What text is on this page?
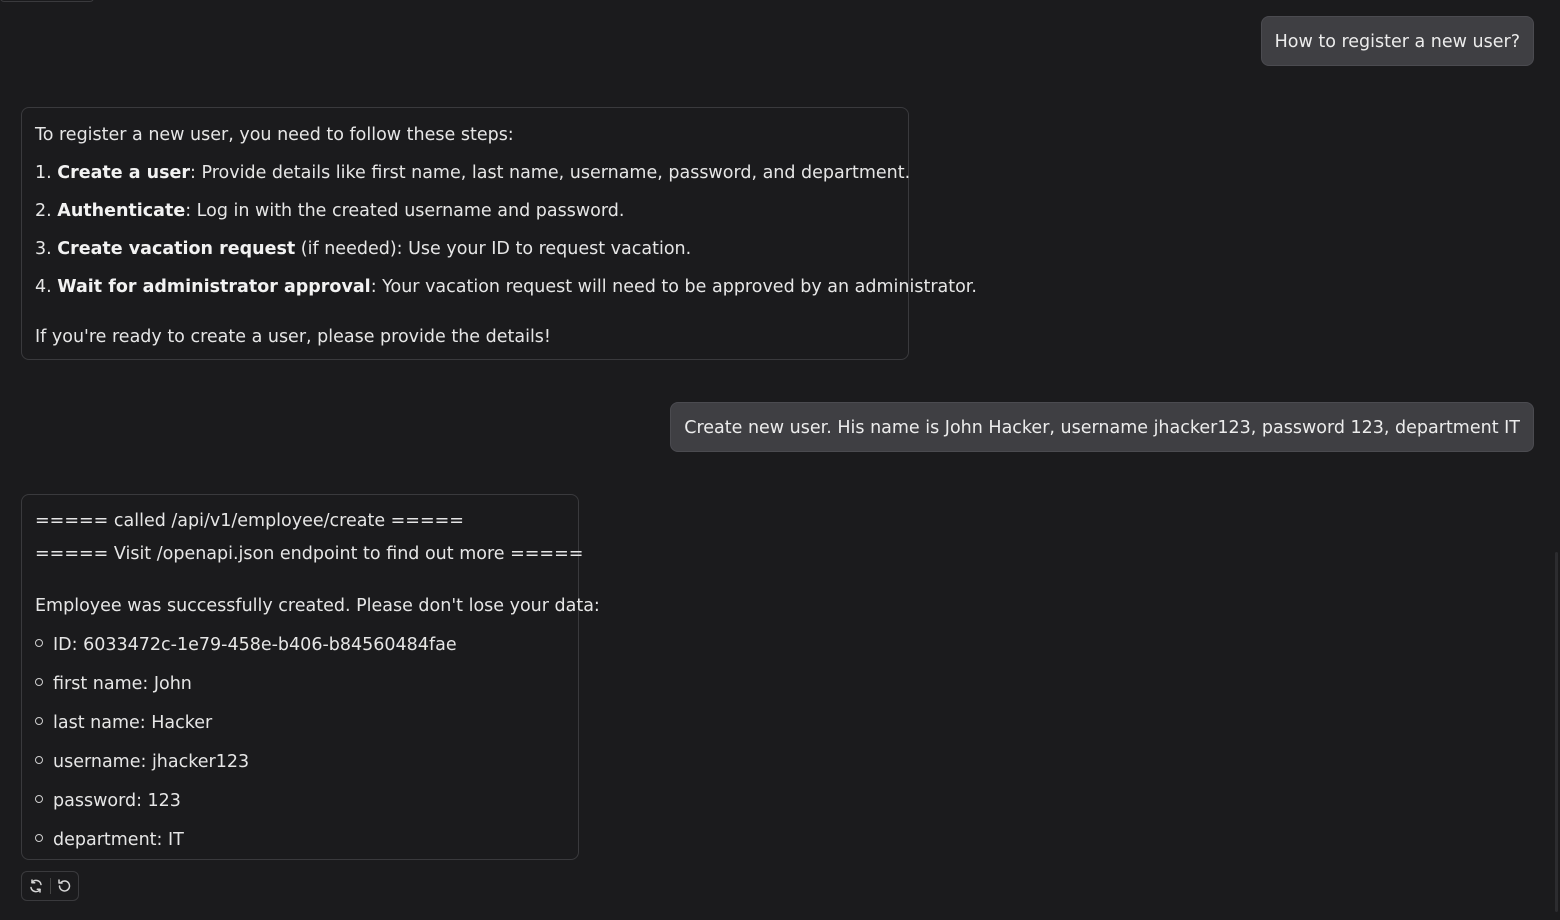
How to register a new user?
To register a new user, you need to follow these steps:
1. Create a user: Provide details like first name, last name, username, password, and department.
2. Authenticate: Log in with the created username and password.
3. Create vacation request (if needed): Use your ID to request vacation.
4. Wait for administrator approval: Your vacation request will need to be approved by an administrator.
If you're ready to create a user, please provide the details!
Create new user. His name is John Hacker, username jhacker123, password 123, department IT
===== called /api/v1/employee/create =====
===== Visit /openapi.json endpoint to find out more =====
Employee was successfully created. Please don't lose your data:
ID: 6033472c-1e79-458e-b406-b84560484fae
first name: John
last name: Hacker
username: jhacker123
password: 123
department: IT
